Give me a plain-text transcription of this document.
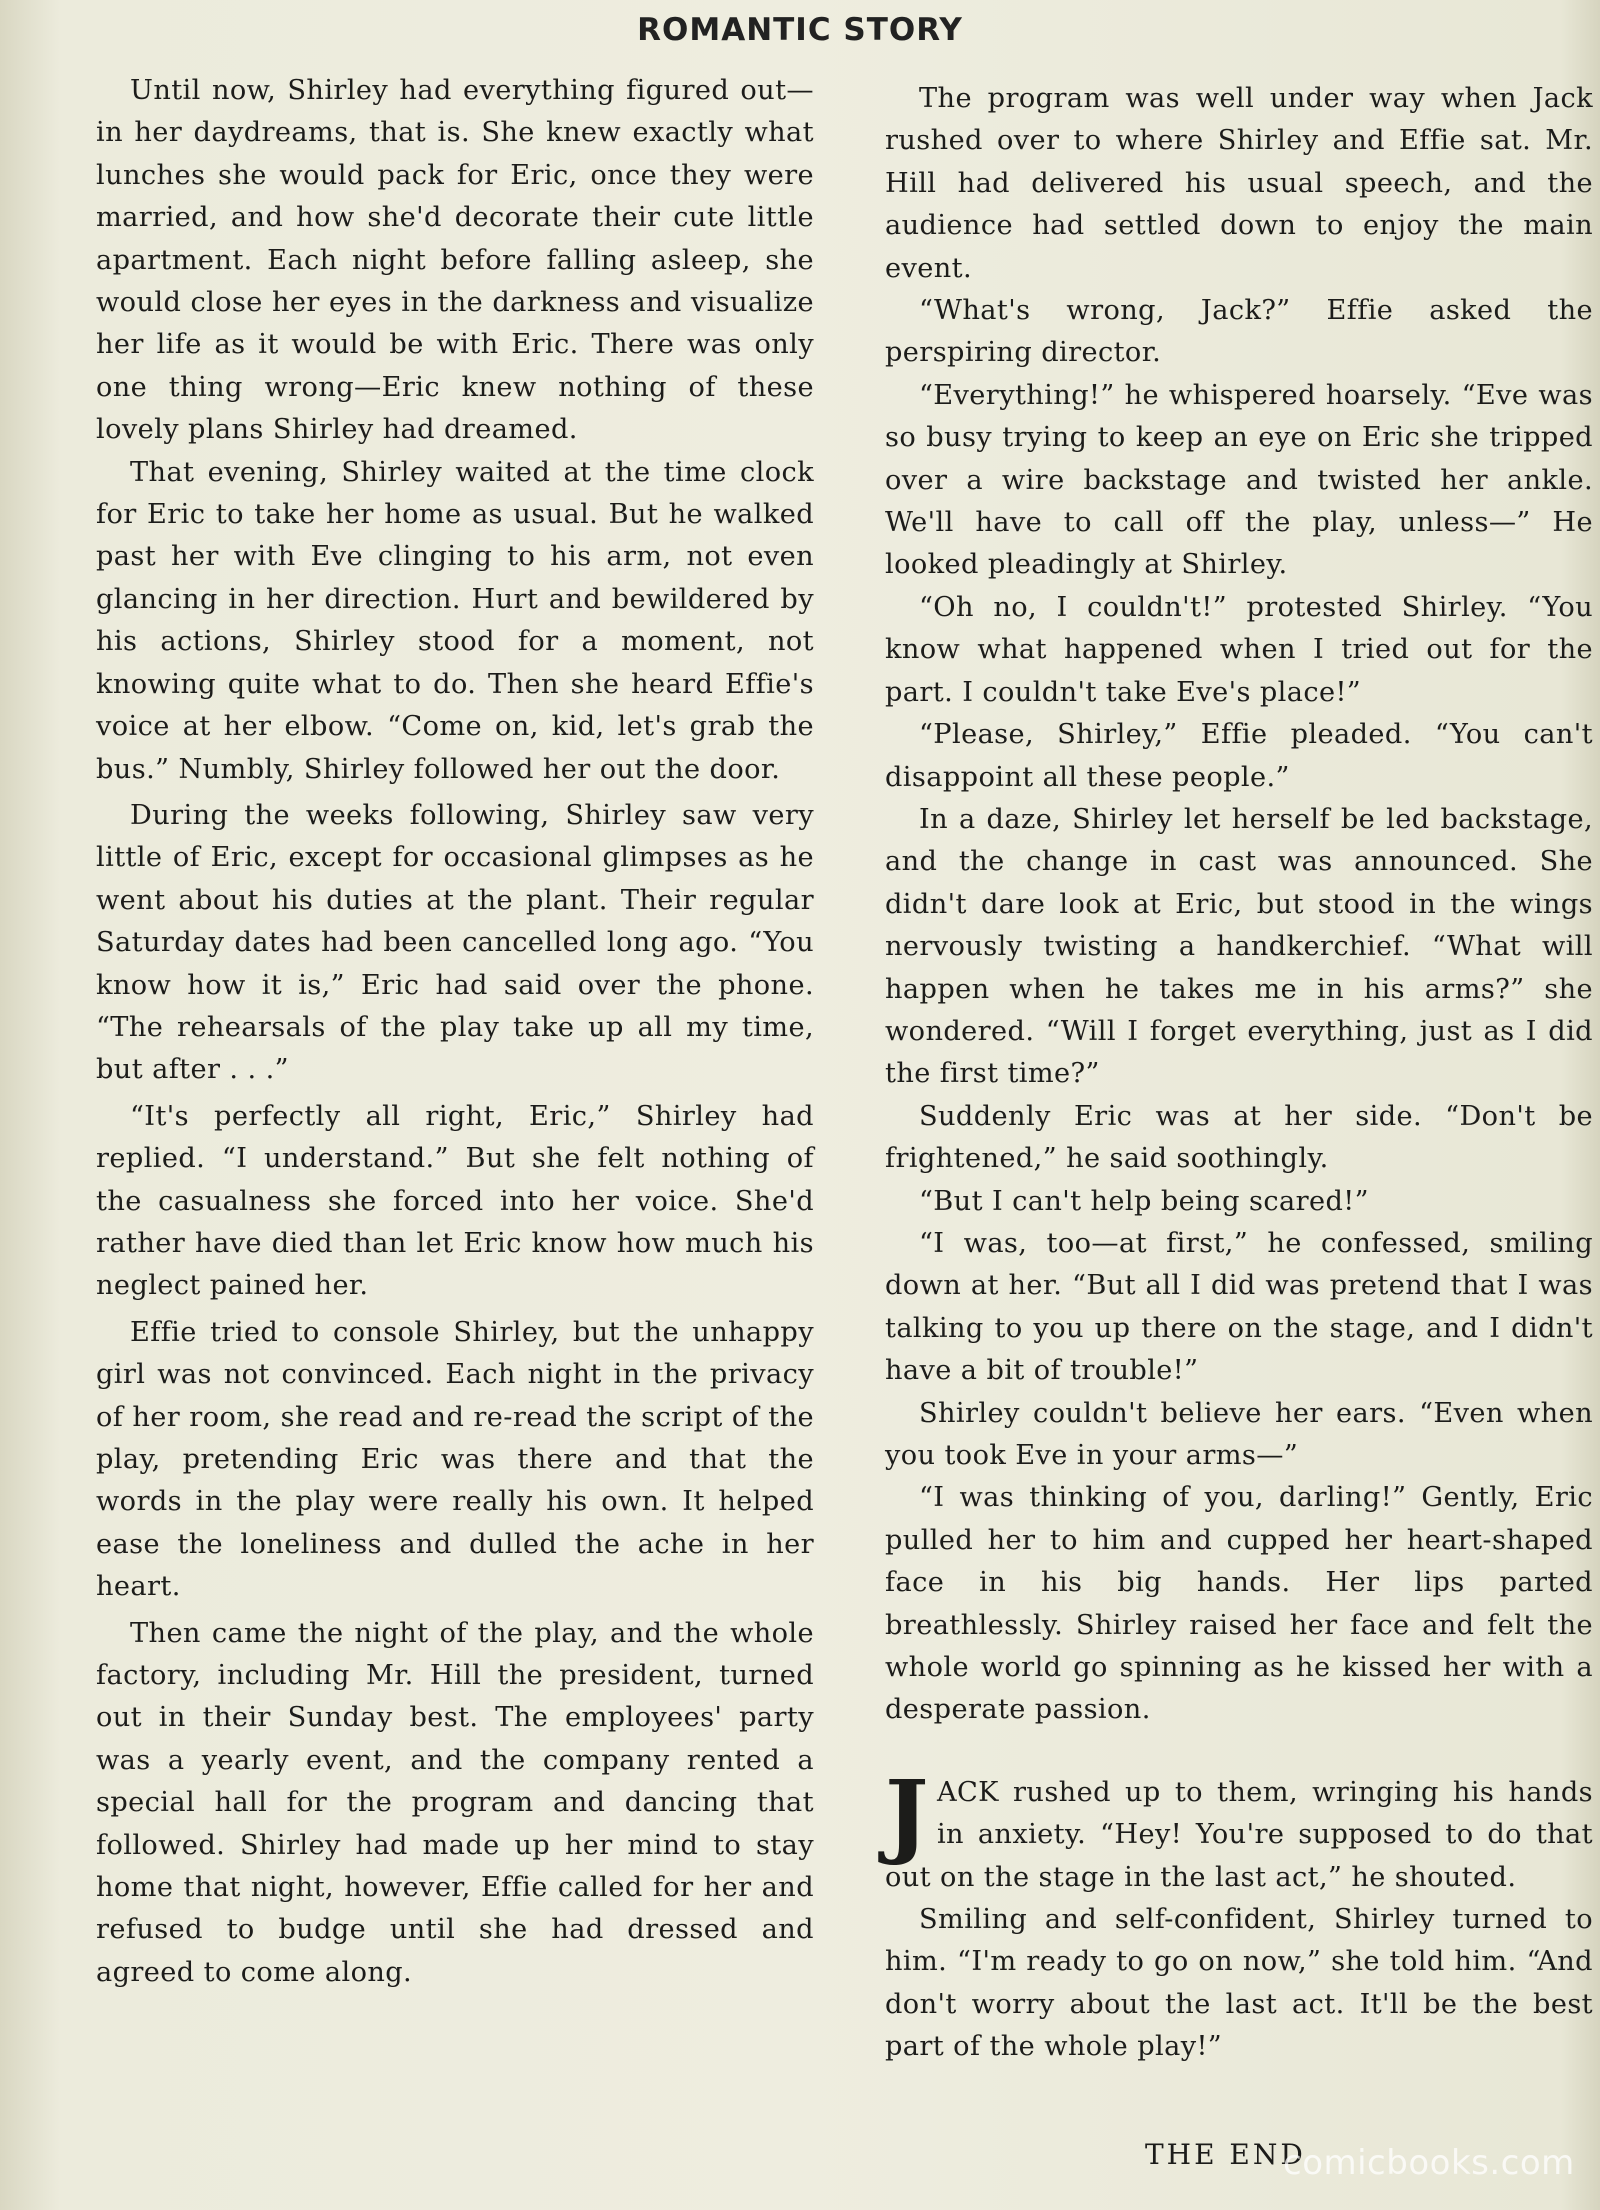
ROMANTIC STORY

Until now, Shirley had everything figured out—in her daydreams, that is. She knew exactly what lunches she would pack for Eric, once they were married, and how she'd decorate their cute little apartment. Each night before falling asleep, she would close her eyes in the darkness and visualize her life as it would be with Eric. There was only one thing wrong—Eric knew nothing of these lovely plans Shirley had dreamed.

That evening, Shirley waited at the time clock for Eric to take her home as usual. But he walked past her with Eve clinging to his arm, not even glancing in her direction. Hurt and bewildered by his actions, Shirley stood for a moment, not knowing quite what to do. Then she heard Effie's voice at her elbow. “Come on, kid, let's grab the bus.” Numbly, Shirley followed her out the door.

During the weeks following, Shirley saw very little of Eric, except for occasional glimpses as he went about his duties at the plant. Their regular Saturday dates had been cancelled long ago. “You know how it is,” Eric had said over the phone. “The rehearsals of the play take up all my time, but after . . .”

“It's perfectly all right, Eric,” Shirley had replied. “I understand.” But she felt nothing of the casualness she forced into her voice. She'd rather have died than let Eric know how much his neglect pained her.

Effie tried to console Shirley, but the unhappy girl was not convinced. Each night in the privacy of her room, she read and re-read the script of the play, pretending Eric was there and that the words in the play were really his own. It helped ease the loneliness and dulled the ache in her heart.

Then came the night of the play, and the whole factory, including Mr. Hill the president, turned out in their Sunday best. The employees' party was a yearly event, and the company rented a special hall for the program and dancing that followed. Shirley had made up her mind to stay home that night, however, Effie called for her and refused to budge until she had dressed and agreed to come along.

The program was well under way when Jack rushed over to where Shirley and Effie sat. Mr. Hill had delivered his usual speech, and the audience had settled down to enjoy the main event.

“What's wrong, Jack?” Effie asked the perspiring director.

“Everything!” he whispered hoarsely. “Eve was so busy trying to keep an eye on Eric she tripped over a wire backstage and twisted her ankle. We'll have to call off the play, unless—” He looked pleadingly at Shirley.

“Oh no, I couldn't!” protested Shirley. “You know what happened when I tried out for the part. I couldn't take Eve's place!”

“Please, Shirley,” Effie pleaded. “You can't disappoint all these people.”

In a daze, Shirley let herself be led backstage, and the change in cast was announced. She didn't dare look at Eric, but stood in the wings nervously twisting a handkerchief. “What will happen when he takes me in his arms?” she wondered. “Will I forget everything, just as I did the first time?”

Suddenly Eric was at her side. “Don't be frightened,” he said soothingly.

“But I can't help being scared!”

“I was, too—at first,” he confessed, smiling down at her. “But all I did was pretend that I was talking to you up there on the stage, and I didn't have a bit of trouble!”

Shirley couldn't believe her ears. “Even when you took Eve in your arms—”

“I was thinking of you, darling!” Gently, Eric pulled her to him and cupped her heart-shaped face in his big hands. Her lips parted breathlessly. Shirley raised her face and felt the whole world go spinning as he kissed her with a desperate passion.

JACK rushed up to them, wringing his hands in anxiety. “Hey! You're supposed to do that out on the stage in the last act,” he shouted.

Smiling and self-confident, Shirley turned to him. “I'm ready to go on now,” she told him. “And don't worry about the last act. It'll be the best part of the whole play!”

THE END
comicbooks.com
